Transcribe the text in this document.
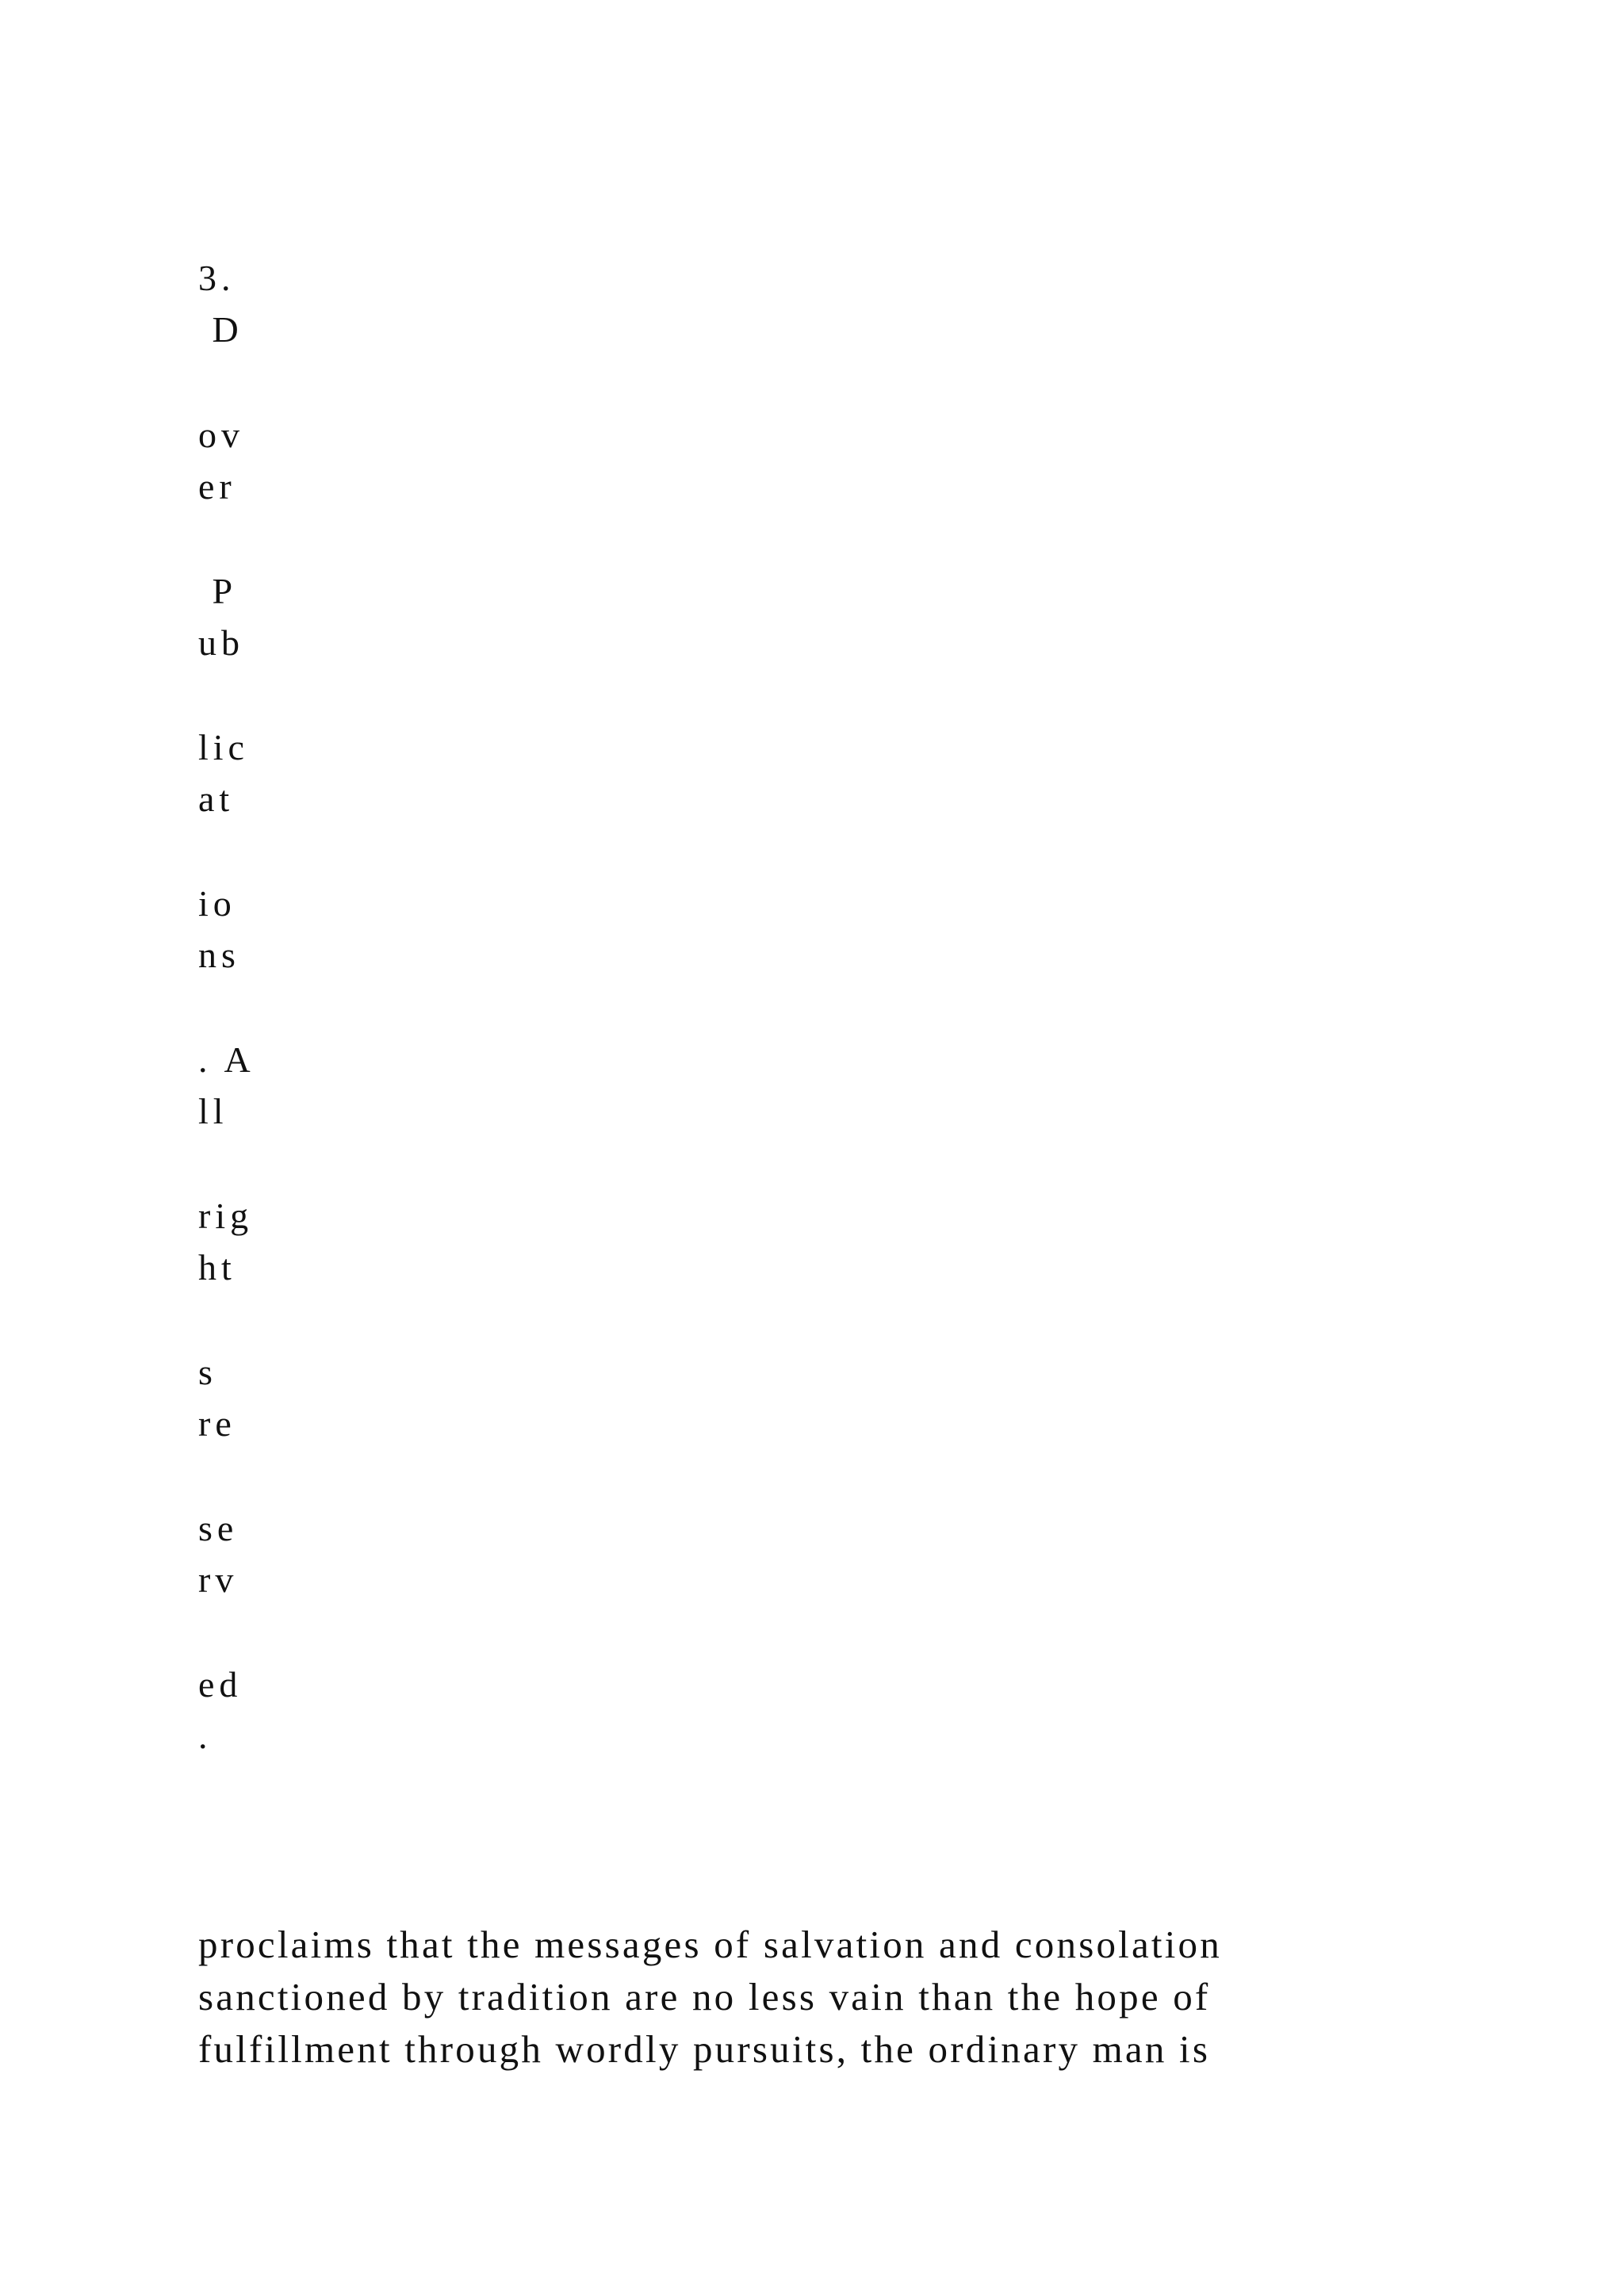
3.

D

ov

er

P

ub

lic

at

io

ns

. A

ll

rig

ht

s

re

se

rv

ed

.

proclaims that the messages of salvation and consolation
sanctioned by tradition are no less vain than the hope of
fulfillment through wordly pursuits, the ordinary man is
